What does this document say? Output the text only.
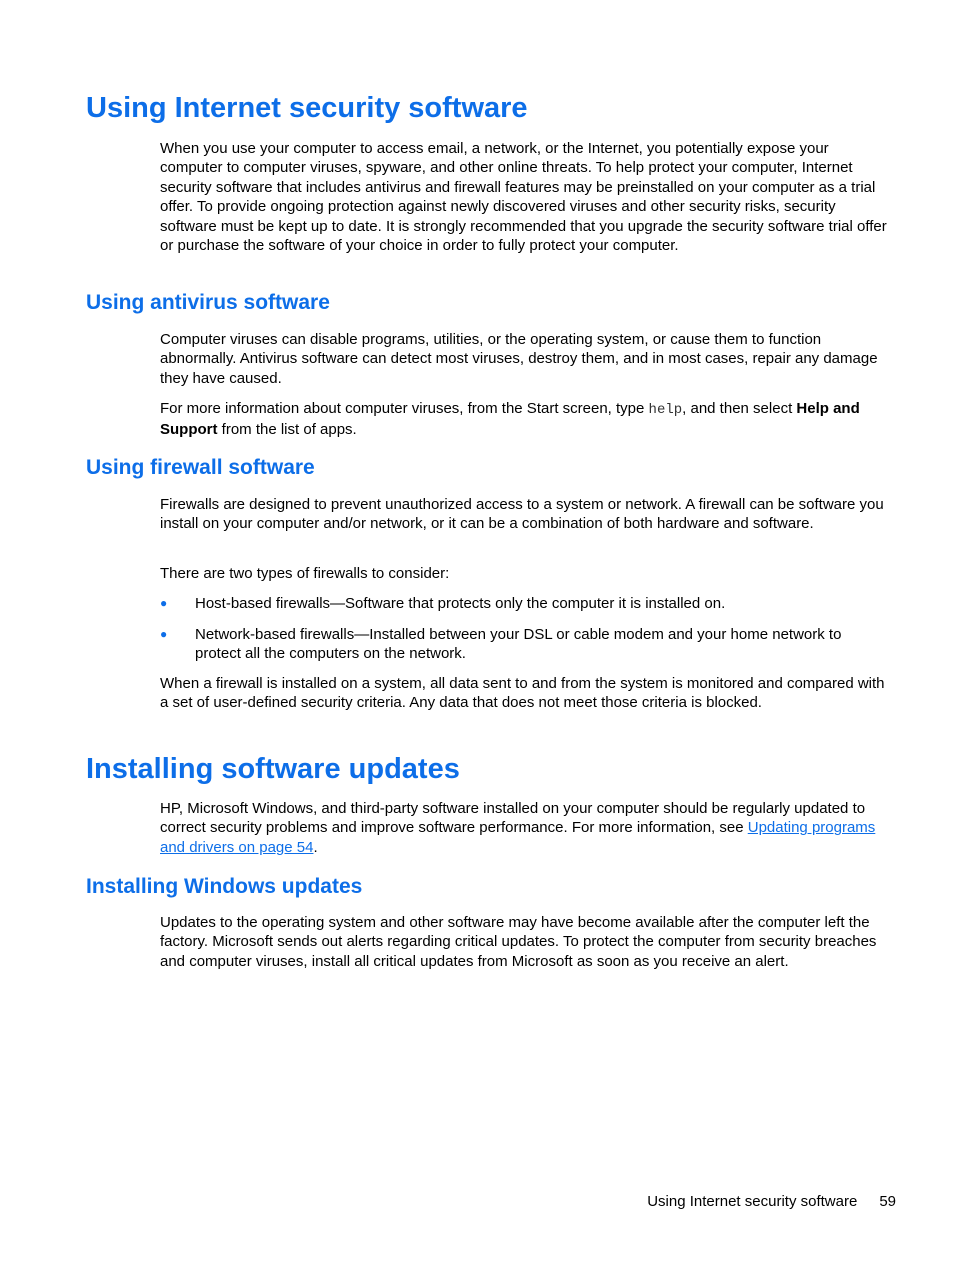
Using Internet security software

When you use your computer to access email, a network, or the Internet, you potentially expose your computer to computer viruses, spyware, and other online threats. To help protect your computer, Internet security software that includes antivirus and firewall features may be preinstalled on your computer as a trial offer. To provide ongoing protection against newly discovered viruses and other security risks, security software must be kept up to date. It is strongly recommended that you upgrade the security software trial offer or purchase the software of your choice in order to fully protect your computer.

Using antivirus software

Computer viruses can disable programs, utilities, or the operating system, or cause them to function abnormally. Antivirus software can detect most viruses, destroy them, and in most cases, repair any damage they have caused.

For more information about computer viruses, from the Start screen, type help, and then select Help and Support from the list of apps.

Using firewall software

Firewalls are designed to prevent unauthorized access to a system or network. A firewall can be software you install on your computer and/or network, or it can be a combination of both hardware and software.

There are two types of firewalls to consider:

● Host-based firewalls—Software that protects only the computer it is installed on.
● Network-based firewalls—Installed between your DSL or cable modem and your home network to protect all the computers on the network.

When a firewall is installed on a system, all data sent to and from the system is monitored and compared with a set of user-defined security criteria. Any data that does not meet those criteria is blocked.

Installing software updates

HP, Microsoft Windows, and third-party software installed on your computer should be regularly updated to correct security problems and improve software performance. For more information, see Updating programs and drivers on page 54.

Installing Windows updates

Updates to the operating system and other software may have become available after the computer left the factory. Microsoft sends out alerts regarding critical updates. To protect the computer from security breaches and computer viruses, install all critical updates from Microsoft as soon as you receive an alert.

Using Internet security software 59
